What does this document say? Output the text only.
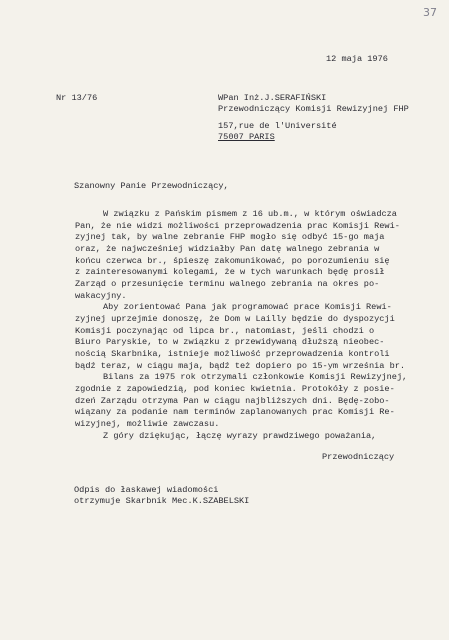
37
12 maja 1976
Nr 13/76	WPan Inż.J.SERAFIŃSKI
Przewodniczący Komisji Rewizyjnej FHP
157,rue de l'Université
75007 PARIS
Szanowny Panie Przewodniczący,
W związku z Pańskim pismem z 16 ub.m., w którym oświadcza
Pan, że nie widzi możliwości przeprowadzenia prac Komisji Rewi-
zyjnej tak, by walne zebranie FHP mogło się odbyć 15-go maja
oraz, że najwcześniej widziałby Pan datę walnego zebrania w
końcu czerwca br., śpieszę zakomunikować, po porozumieniu się
z zainteresowanymi kolegami, że w tych warunkach będę prosił
Zarząd o przesunięcie terminu walnego zebrania na okres po-
wakacyjny.
Aby zorientować Pana jak programować prace Komisji Rewi-
zyjnej uprzejmie donoszę, że Dom w Lailly będzie do dyspozycji
Komisji poczynając od lipca br., natomiast, jeśli chodzi o
Biuro Paryskie, to w związku z przewidywaną dłuższą nieobec-
nością Skarbnika, istnieje możliwość przeprowadzenia kontroli
bądź teraz, w ciągu maja, bądź też dopiero po 15-ym września br.
Bilans za 1975 rok otrzymali członkowie Komisji Rewizyjnej,
zgodnie z zapowiedzią, pod koniec kwietnia. Protokóły z posie-
dzeń Zarządu otrzyma Pan w ciągu najbliższych dni. Będę-zobo-
wiązany za podanie nam terminów zaplanowanych prac Komisji Re-
wizyjnej, możliwie zawczasu.
Z góry dziękując, łączę wyrazy prawdziwego poważania,
Przewodniczący
Odpis do łaskawej wiadomości
otrzymuje Skarbnik Mec.K.SZABELSKI
